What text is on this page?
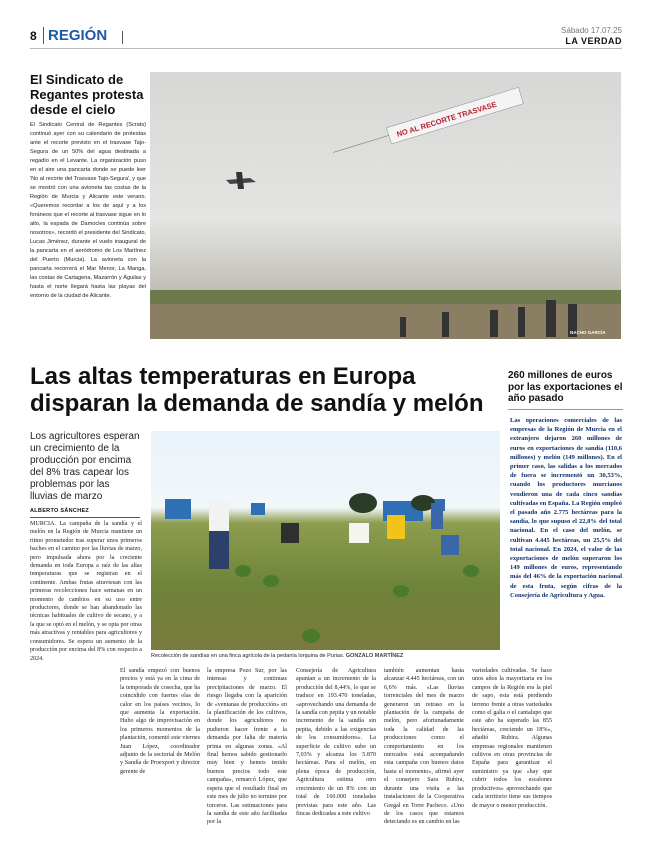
8 REGIÓN	Sábado 17.07.25
LA VERDAD
El Sindicato de Regantes protesta desde el cielo

El Sindicato Central de Regantes (Scrats) continuó ayer con su calendario de protestas ante el recorte previsto en el trasvase Tajo-Segura de un 50% del agua destinada a regadío en el Levante. La organización puso en el aire una pancarta donde se puede leer 'No al recorte del Trasvase Tajo-Segura', y que se mostró con una avioneta las costas de la Región de Murcia y Alicante este verano. «Queremos recordar a los de aquí y a los foráneos que el recorte al trasvase sigue en lo alto, la espada de Damocles continúa sobre nosotros», recordó el presidente del Sindicato, Lucas Jiménez, durante el vuelo inaugural de la pancarta en el aeródromo de Los Martínez del Puerto (Murcia). La avioneta con la pancarta recorrerá el Mar Menor, La Manga, las costas de Cartagena, Mazarrón y Águilas y hasta el norte llegará hasta las playas del entorno de la ciudad de Alicante.

NO AL RECORTE TRASVASE
NACHO GARCÍA
Las altas temperaturas en Europa disparan la demanda de sandía y melón
260 millones de euros por las exportaciones el año pasado

Las operaciones comerciales de las empresas de la Región de Murcia en el extranjero dejaron 260 millones de euros en exportaciones de sandía (110,6 millones) y melón (149 millones). En el primer caso, las salidas a los mercados de fuera se incrementó un 30,53%, cuando los productores murcianos vendieron una de cada cinco sandías cultivadas en España. La Región empleó el pasado año 2.775 hectáreas para la sandía, lo que supuso el 22,8% del total nacional. En el caso del melón, se cultivan 4.445 hectáreas, un 25,5% del total nacional. En 2024, el valor de las exportaciones de melón superaron los 149 millones de euros, representando más del 46% de la exportación nacional de esta fruta, según cifras de la Consejería de Agricultura y Agua.

Los agricultores esperan un crecimiento de la producción por encima del 8% tras capear los problemas por las lluvias de marzo

ALBERTO SÁNCHEZ

MURCIA. La campaña de la sandía y el melón en la Región de Murcia mantiene un ritmo prometedor tras superar unos primeros baches en el camino por las lluvias de marzo, pero impulsada ahora por la creciente demanda en toda Europa a raíz de las altas temperaturas que se registran en el continente. Ambas frutas atraviesan con las primeras recolecciones hace semanas en un momento de cambios en su uso entre productores, donde se han abandonado las técnicas habituales de cultivo de secano, y a la que se optó en el melón, y se opta por otras más atractivas y rentables para agricultores y consumidores. Se espera un aumento de la producción por encima del 8% con respecto a 2024.	Recolección de sandías en una finca agrícola de la pedanía lorquina de Purias. GONZALO MARTÍNEZ

El sandía empezó con buenos precios y está ya en la cima de la temporada de cosecha, que ha coincidido con fuertes olas de calor en los países vecinos, lo que aumenta la exportación. Hubo algo de improvisación en los primeros momentos de la plantación, comentó este viernes Juan López, coordinador adjunto de la sectorial de Melón y Sandía de Proexport y director gerente de

la empresa Pozo Sur, por las intensas y continuas precipitaciones de marzo. El riesgo llegaba con la aparición de «ventanas de producción» en la planificación de los cultivos, donde los agricultores no pudieron hacer frente a la demanda por falta de materia prima en algunas zonas. «Al final hemos sabido gestionarlo muy bien y hemos tenido buenos precios todo este campaña», remarcó López, que espera que el resultado final en este mes de julio no termine por torcerse. Las estimaciones para la sandía de este año facilitadas por la

Consejería de Agricultura apuntan a un incremento de la producción del 8,44%, lo que se traduce en 193.470 toneladas, «aprovechando una demanda de la sandía con pepita y un notable incremento de la sandía sin pepita, debido a las exigencias de los consumidores». La superficie de cultivo sube un 7,03% y alcanza los 5.870 hectáreas. Para el melón, en plena época de producción, Agricultura estima otro crecimiento de un 8% con un total de 160.000 toneladas previstas para este año. Las fincas dedicadas a este cultivo

también aumentan hasta alcanzar 4.445 hectáreas, con un 6,6% más. «Las lluvias torrenciales del mes de marzo generaron un retraso en la plantación de la campaña de melón, pero afortunadamente toda la calidad de las producciones como el comportamiento en los mercados está acompañando esta campaña con buenos datos hasta el momento», afirmó ayer el consejero Sara Rubira, durante una visita a las instalaciones de la Cooperativa Gregal en Torre Pacheco. «Uno de los casos que estamos detectando es un cambio en las

variedades cultivadas. Se hace unos años la mayoritaria en los campos de la Región era la piel de sapo, esta está perdiendo terreno frente a otras variedades como el galia o el cantalupo que este año ha superado las 855 hectáreas, creciendo un 18%», añadió Rubira. Algunas empresas regionales mantienen cultivos en otras provincias de España para garantizar el suministro ya que «hay que cubrir todos los escalones productivos» aprovechando que cada territorio tiene sus tiempos de mayor o menor producción.
